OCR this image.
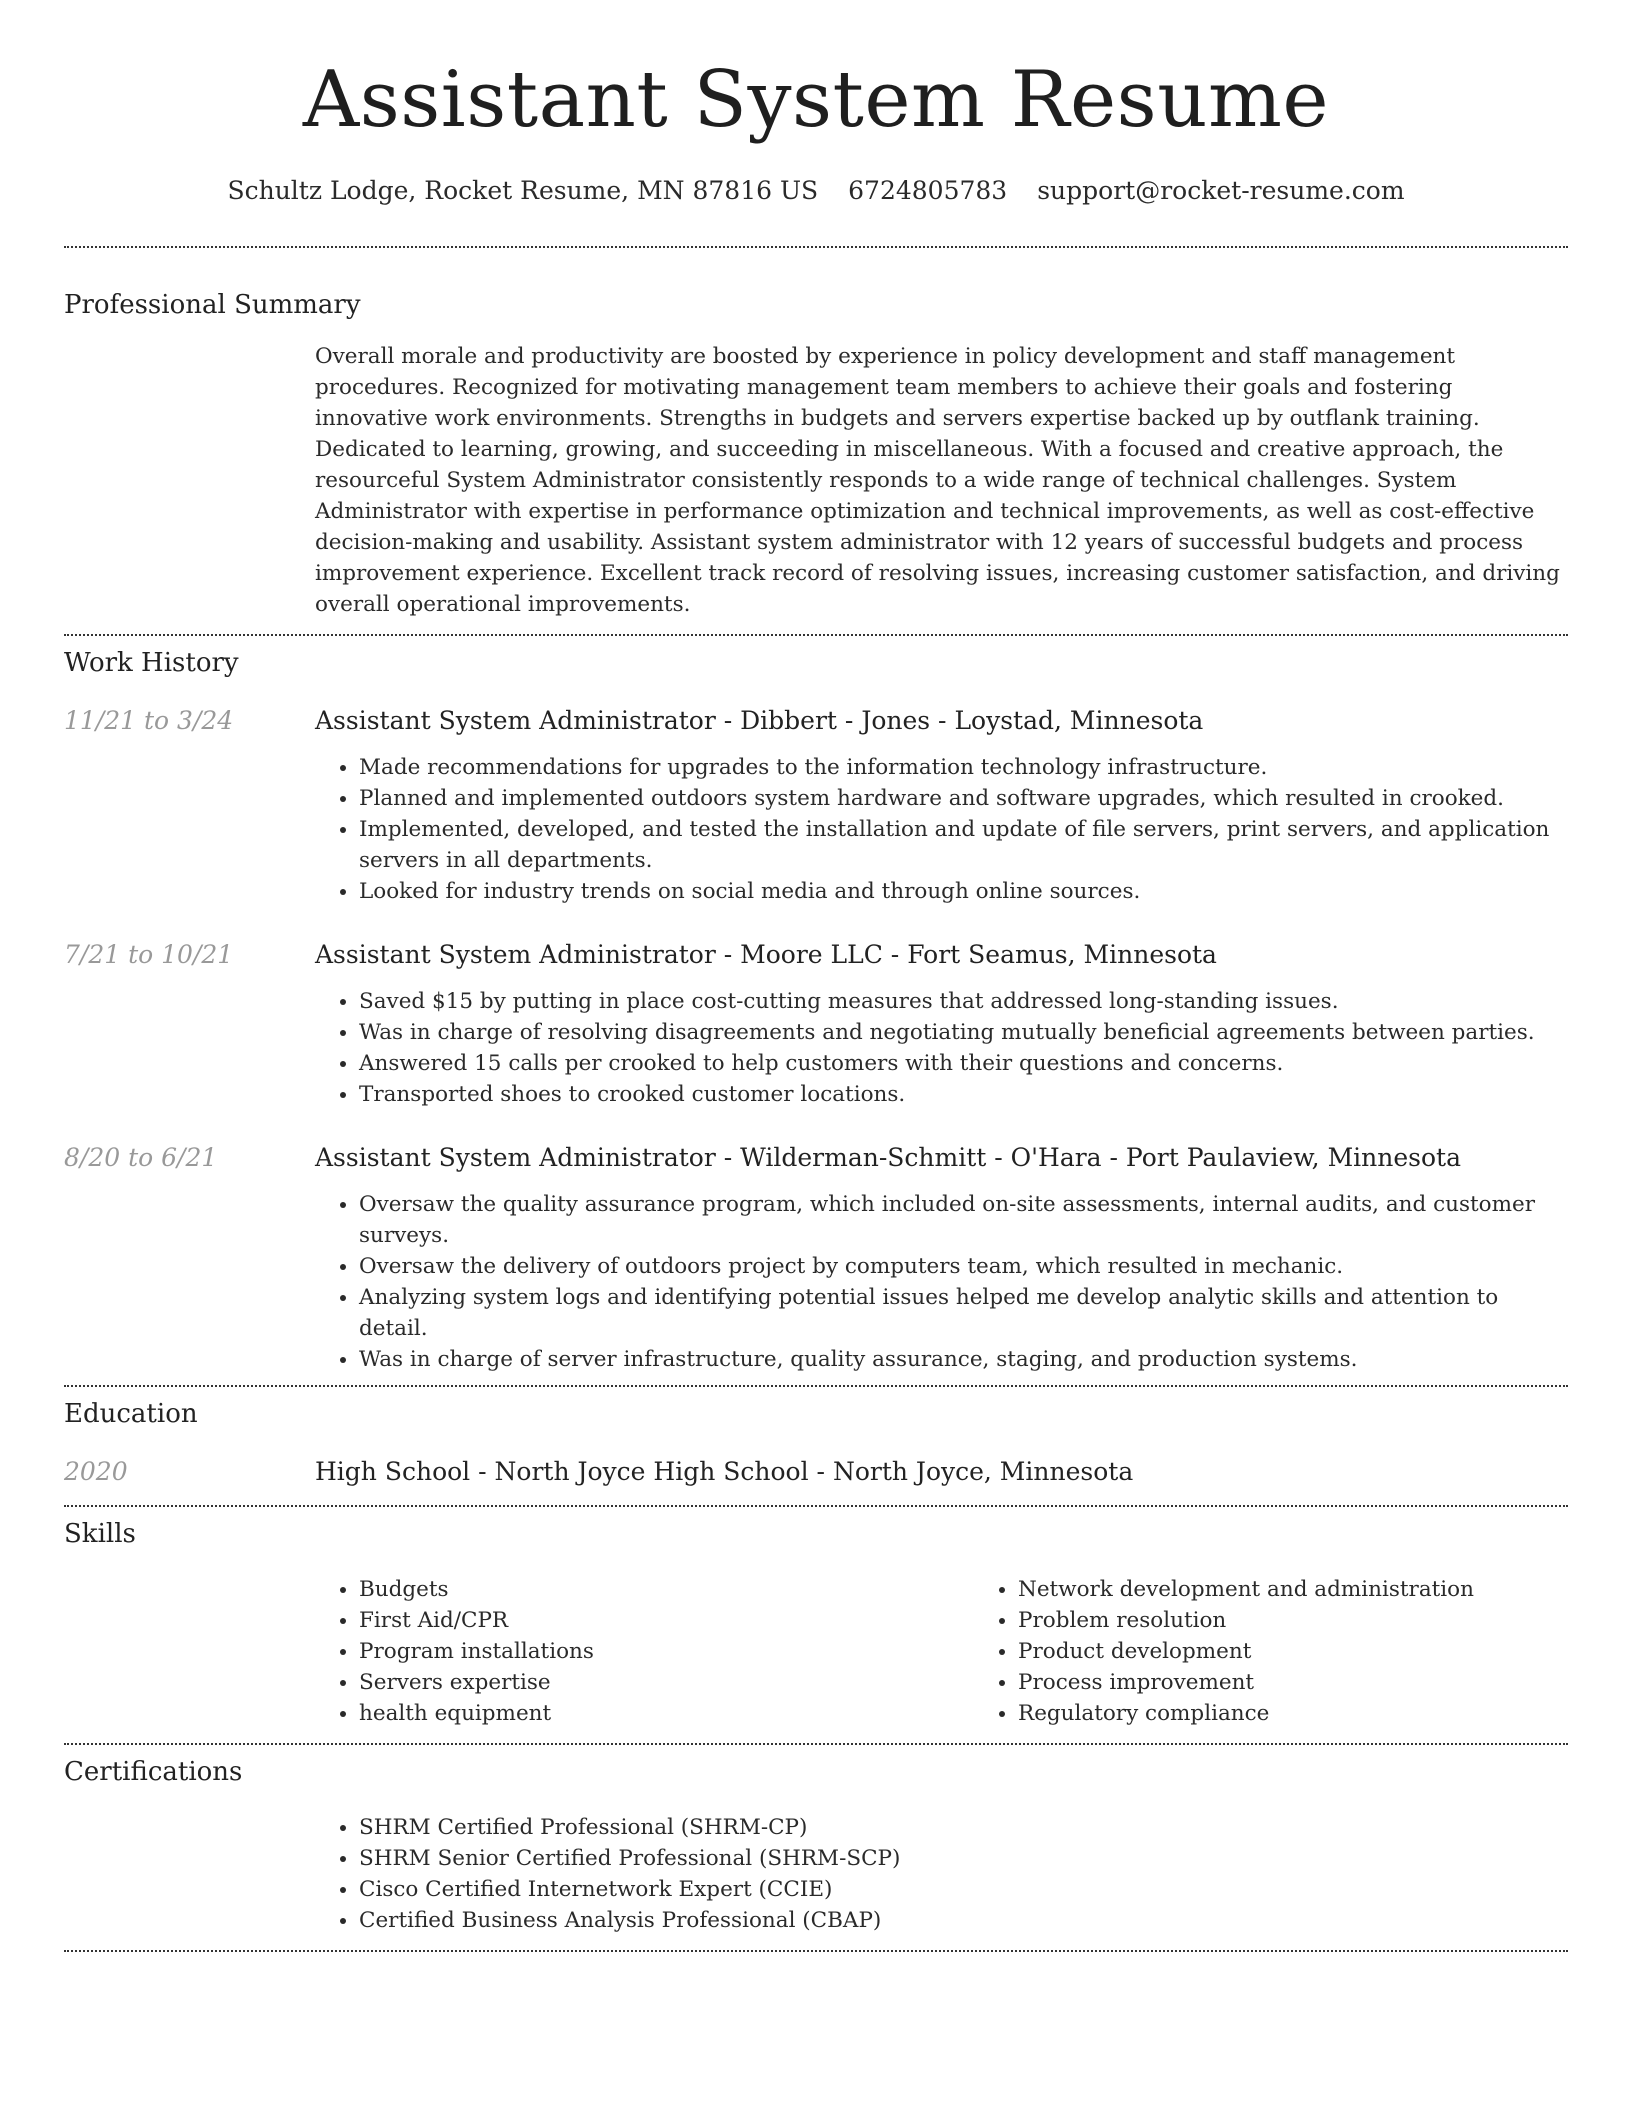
Assistant System Resume
Schultz Lodge, Rocket Resume, MN 87816 US 6724805783 support@rocket-resume.com
Professional Summary

Overall morale and productivity are boosted by experience in policy development and staff management procedures. Recognized for motivating management team members to achieve their goals and fostering innovative work environments. Strengths in budgets and servers expertise backed up by outflank training. Dedicated to learning, growing, and succeeding in miscellaneous. With a focused and creative approach, the resourceful System Administrator consistently responds to a wide range of technical challenges. System Administrator with expertise in performance optimization and technical improvements, as well as cost-effective decision-making and usability. Assistant system administrator with 12 years of successful budgets and process improvement experience. Excellent track record of resolving issues, increasing customer satisfaction, and driving overall operational improvements.

Work History
11/21 to 3/24	Assistant System Administrator - Dibbert - Jones - Loystad, Minnesota

• Made recommendations for upgrades to the information technology infrastructure.
• Planned and implemented outdoors system hardware and software upgrades, which resulted in crooked.
• Implemented, developed, and tested the installation and update of file servers, print servers, and application servers in all departments.
• Looked for industry trends on social media and through online sources.
7/21 to 10/21	Assistant System Administrator - Moore LLC - Fort Seamus, Minnesota

• Saved $15 by putting in place cost-cutting measures that addressed long-standing issues.
• Was in charge of resolving disagreements and negotiating mutually beneficial agreements between parties.
• Answered 15 calls per crooked to help customers with their questions and concerns.
• Transported shoes to crooked customer locations.
8/20 to 6/21	Assistant System Administrator - Wilderman-Schmitt - O'Hara - Port Paulaview, Minnesota

• Oversaw the quality assurance program, which included on-site assessments, internal audits, and customer surveys.
• Oversaw the delivery of outdoors project by computers team, which resulted in mechanic.
• Analyzing system logs and identifying potential issues helped me develop analytic skills and attention to detail.
• Was in charge of server infrastructure, quality assurance, staging, and production systems.
Education
2020	High School - North Joyce High School - North Joyce, Minnesota

Skills
• Budgets
• First Aid/CPR
• Program installations
• Servers expertise
• health equipment
• Network development and administration
• Problem resolution
• Product development
• Process improvement
• Regulatory compliance
Certifications
• SHRM Certified Professional (SHRM-CP)
• SHRM Senior Certified Professional (SHRM-SCP)
• Cisco Certified Internetwork Expert (CCIE)
• Certified Business Analysis Professional (CBAP)
